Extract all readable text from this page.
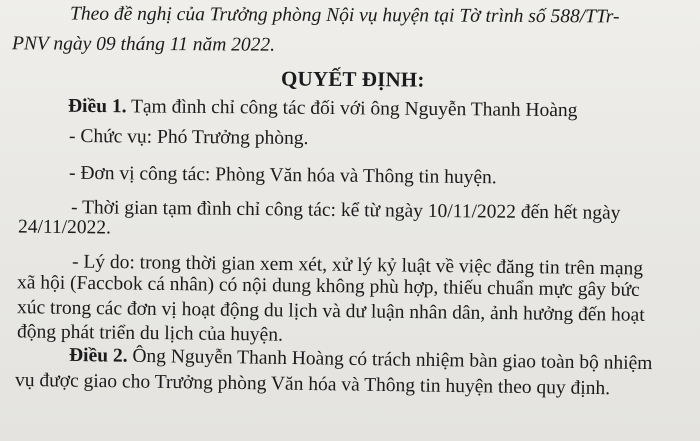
Theo đề nghị của Trưởng phòng Nội vụ huyện tại Tờ trình số 588/TTr-
PNV ngày 09 tháng 11 năm 2022.
QUYẾT ĐỊNH:
Điều 1. Tạm đình chỉ công tác đối với ông Nguyễn Thanh Hoàng
- Chức vụ: Phó Trưởng phòng.
- Đơn vị công tác: Phòng Văn hóa và Thông tin huyện.
- Thời gian tạm đình chỉ công tác: kể từ ngày 10/11/2022 đến hết ngày
24/11/2022.
- Lý do: trong thời gian xem xét, xử lý kỷ luật về việc đăng tin trên mạng
xã hội (Faccbok cá nhân) có nội dung không phù hợp, thiếu chuẩn mực gây bức
xúc trong các đơn vị hoạt động du lịch và dư luận nhân dân, ảnh hưởng đến hoạt
động phát triển du lịch của huyện.
Điều 2. Ông Nguyễn Thanh Hoàng có trách nhiệm bàn giao toàn bộ nhiệm
vụ được giao cho Trưởng phòng Văn hóa và Thông tin huyện theo quy định.
